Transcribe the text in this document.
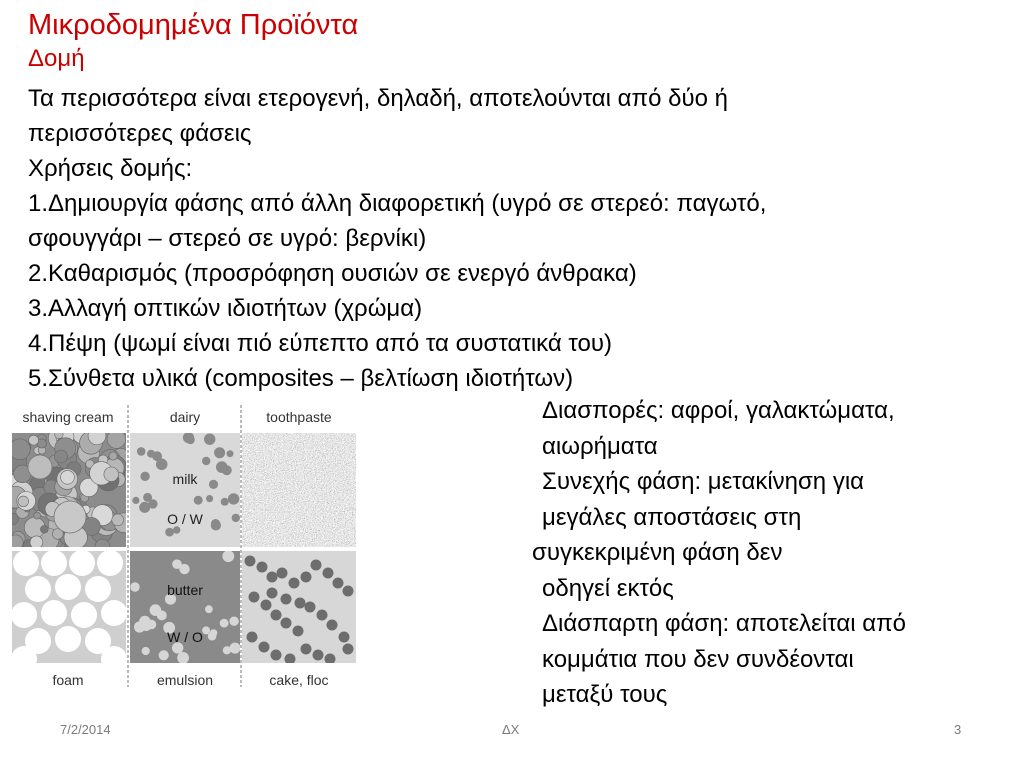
Μικροδομημένα Προϊόντα
Δομή
Τα περισσότερα είναι ετερογενή, δηλαδή, αποτελούνται από δύο ή
περισσότερες φάσεις
Χρήσεις δομής:
1.Δημιουργία φάσης από άλλη διαφορετική (υγρό σε στερεό: παγωτό,
σφουγγάρι – στερεό σε υγρό: βερνίκι)
2.Καθαρισμός (προσρόφηση ουσιών σε ενεργό άνθρακα)
3.Αλλαγή οπτικών ιδιοτήτων (χρώμα)
4.Πέψη (ψωμί είναι πιό εύπεπτο από τα συστατικά του)
5.Σύνθετα υλικά (composites – βελτίωση ιδιοτήτων)
shaving cream	dairy	toothpaste
milk
O / W
butter
W / O
foam	emulsion	cake, floc
Διασπορές: αφροί, γαλακτώματα,
αιωρήματα
Συνεχής φάση: μετακίνηση για
μεγάλες αποστάσεις στη
συγκεκριμένη φάση δεν
οδηγεί εκτός
Διάσπαρτη φάση: αποτελείται από
κομμάτια που δεν συνδέονται
μεταξύ τους
7/2/2014	ΔΧ	3
